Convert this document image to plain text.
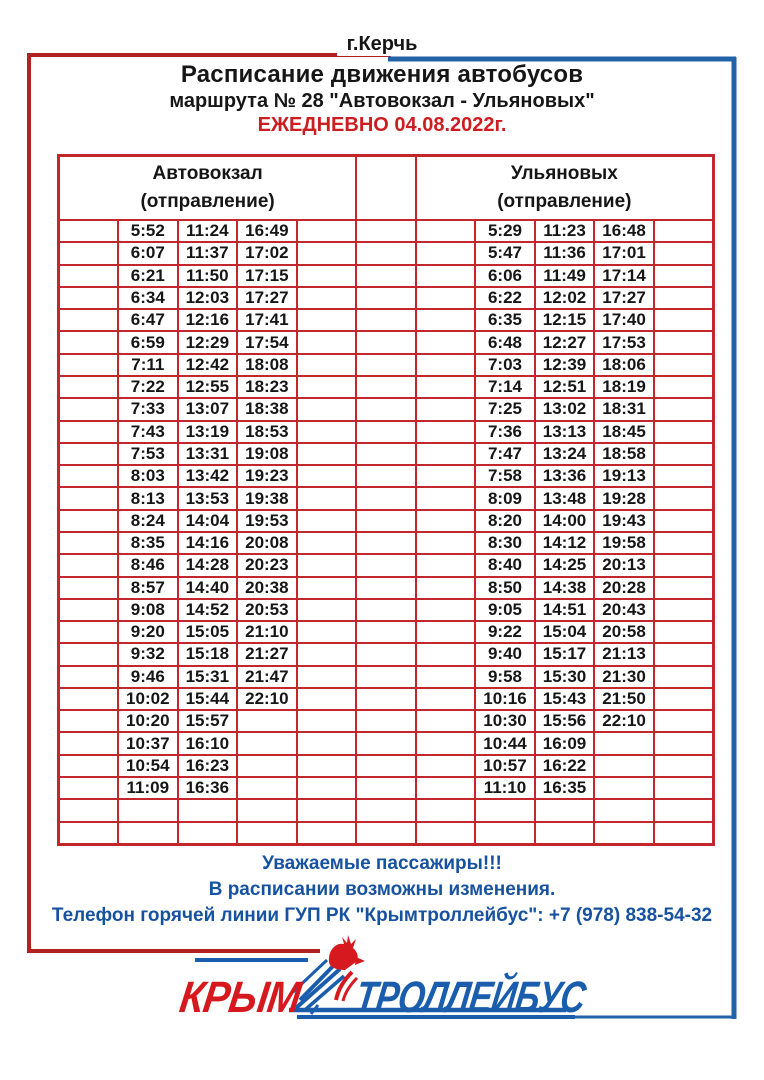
г.Керчь
Расписание движения автобусов
маршрута № 28 "Автовокзал - Ульяновых"
ЕЖЕДНЕВНО 04.08.2022г.
Автовокзал
(отправление)

Ульяновых
(отправление)

	5:52	11:24	16:49				5:29	11:23	16:48	
	6:07	11:37	17:02				5:47	11:36	17:01	
	6:21	11:50	17:15				6:06	11:49	17:14	
	6:34	12:03	17:27				6:22	12:02	17:27	
	6:47	12:16	17:41				6:35	12:15	17:40	
	6:59	12:29	17:54				6:48	12:27	17:53	
	7:11	12:42	18:08				7:03	12:39	18:06	
	7:22	12:55	18:23				7:14	12:51	18:19	
	7:33	13:07	18:38				7:25	13:02	18:31	
	7:43	13:19	18:53				7:36	13:13	18:45	
	7:53	13:31	19:08				7:47	13:24	18:58	
	8:03	13:42	19:23				7:58	13:36	19:13	
	8:13	13:53	19:38				8:09	13:48	19:28	
	8:24	14:04	19:53				8:20	14:00	19:43	
	8:35	14:16	20:08				8:30	14:12	19:58	
	8:46	14:28	20:23				8:40	14:25	20:13	
	8:57	14:40	20:38				8:50	14:38	20:28	
	9:08	14:52	20:53				9:05	14:51	20:43	
	9:20	15:05	21:10				9:22	15:04	20:58	
	9:32	15:18	21:27				9:40	15:17	21:13	
	9:46	15:31	21:47				9:58	15:30	21:30	
	10:02	15:44	22:10				10:16	15:43	21:50	
	10:20	15:57					10:30	15:56	22:10	
	10:37	16:10					10:44	16:09		
	10:54	16:23					10:57	16:22		
	11:09	16:36					11:10	16:35		

Уважаемые пассажиры!!!
В расписании возможны изменения.
Телефон горячей линии ГУП РК "Крымтроллейбус": +7 (978) 838-54-32
КРЫМ ТРОЛЛЕЙБУС
